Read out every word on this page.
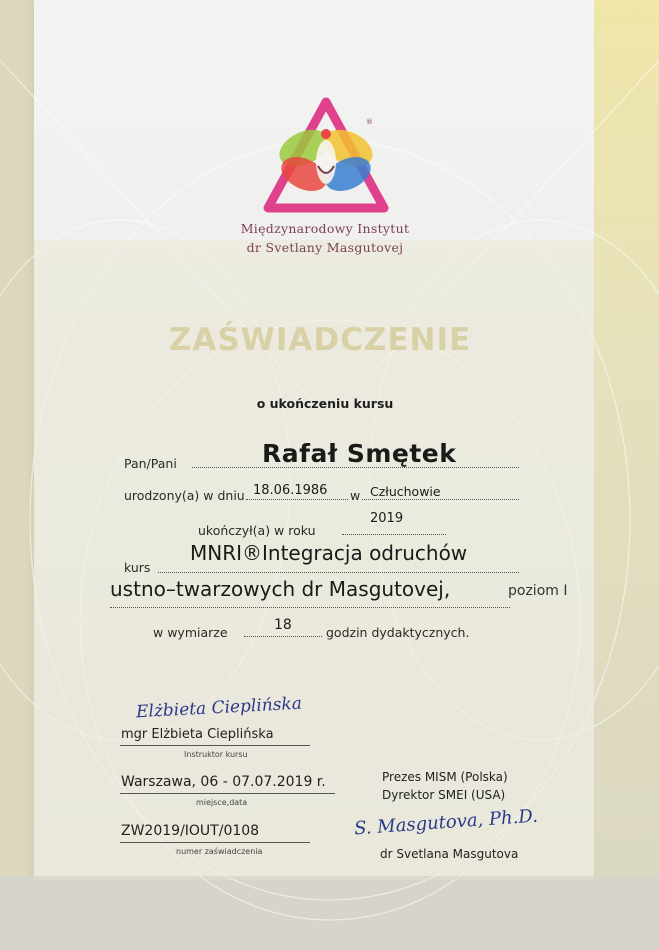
®
Międzynarodowy Instytut
dr Svetlany Masgutovej
ZAŚWIADCZENIE
o ukończeniu kursu
Pan/Pani	Rafał Smętek
urodzony(a) w dniu 18.06.1986 w Człuchowie
ukończył(a) w roku
2019
kurs
MNRI®Integracja odruchów
ustno–twarzowych dr Masgutovej,	poziom I
w wymiarze	18	godzin dydaktycznych.
Elżbieta Cieplińska
mgr Elżbieta Cieplińska
Instruktor kursu
Warszawa, 06 - 07.07.2019 r.
miejsce,data
ZW2019/IOUT/0108
numer zaświadczenia
Prezes MISM (Polska)
Dyrektor SMEI (USA)
S. Masgutova, Ph.D.
dr Svetlana Masgutova
